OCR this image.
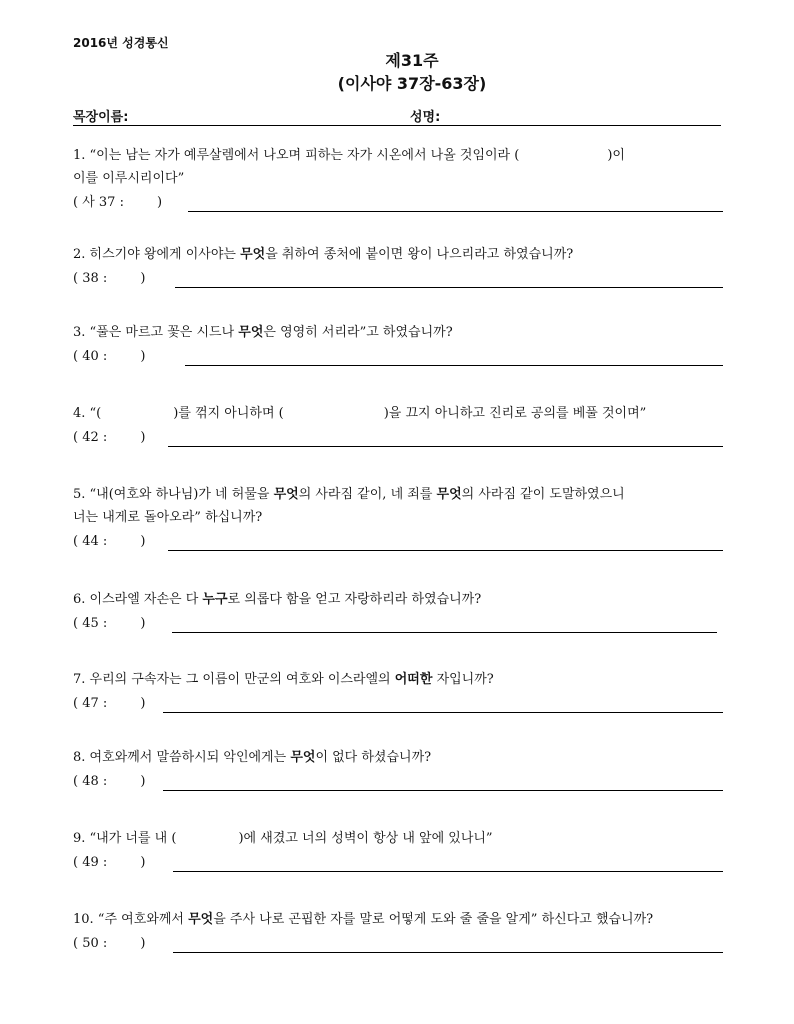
2016년 성경통신
제31주
(이사야 37장-63장)
목장이름:	성명:
1. “이는 남는 자가 예루살렘에서 나오며 피하는 자가 시온에서 나올 것임이라 (	)이
이를 이루시리이다”
( 사 37 :        )
2. 히스기야 왕에게 이사야는 무엇을 취하여 종처에 붙이면 왕이 나으리라고 하였습니까?
( 38 :        )
3. “풀은 마르고 꽃은 시드나 무엇은 영영히 서리라”고 하였습니까?
( 40 :        )
4. “(	)를 꺾지 아니하며 (	)을 끄지 아니하고 진리로 공의를 베풀 것이며”
( 42 :        )
5. “내(여호와 하나님)가 네 허물을 무엇의 사라짐 같이, 네 죄를 무엇의 사라짐 같이 도말하였으니
너는 내게로 돌아오라” 하십니까?
( 44 :        )
6. 이스라엘 자손은 다 누구로 의롭다 함을 얻고 자랑하리라 하였습니까?
( 45 :        )
7. 우리의 구속자는 그 이름이 만군의 여호와 이스라엘의 어떠한 자입니까?
( 47 :        )
8. 여호와께서 말씀하시되 악인에게는 무엇이 없다 하셨습니까?
( 48 :        )
9. “내가 너를 내 (	)에 새겼고 너의 성벽이 항상 내 앞에 있나니”
( 49 :        )
10. “주 여호와께서 무엇을 주사 나로 곤핍한 자를 말로 어떻게 도와 줄 줄을 알게” 하신다고 했습니까?
( 50 :        )
